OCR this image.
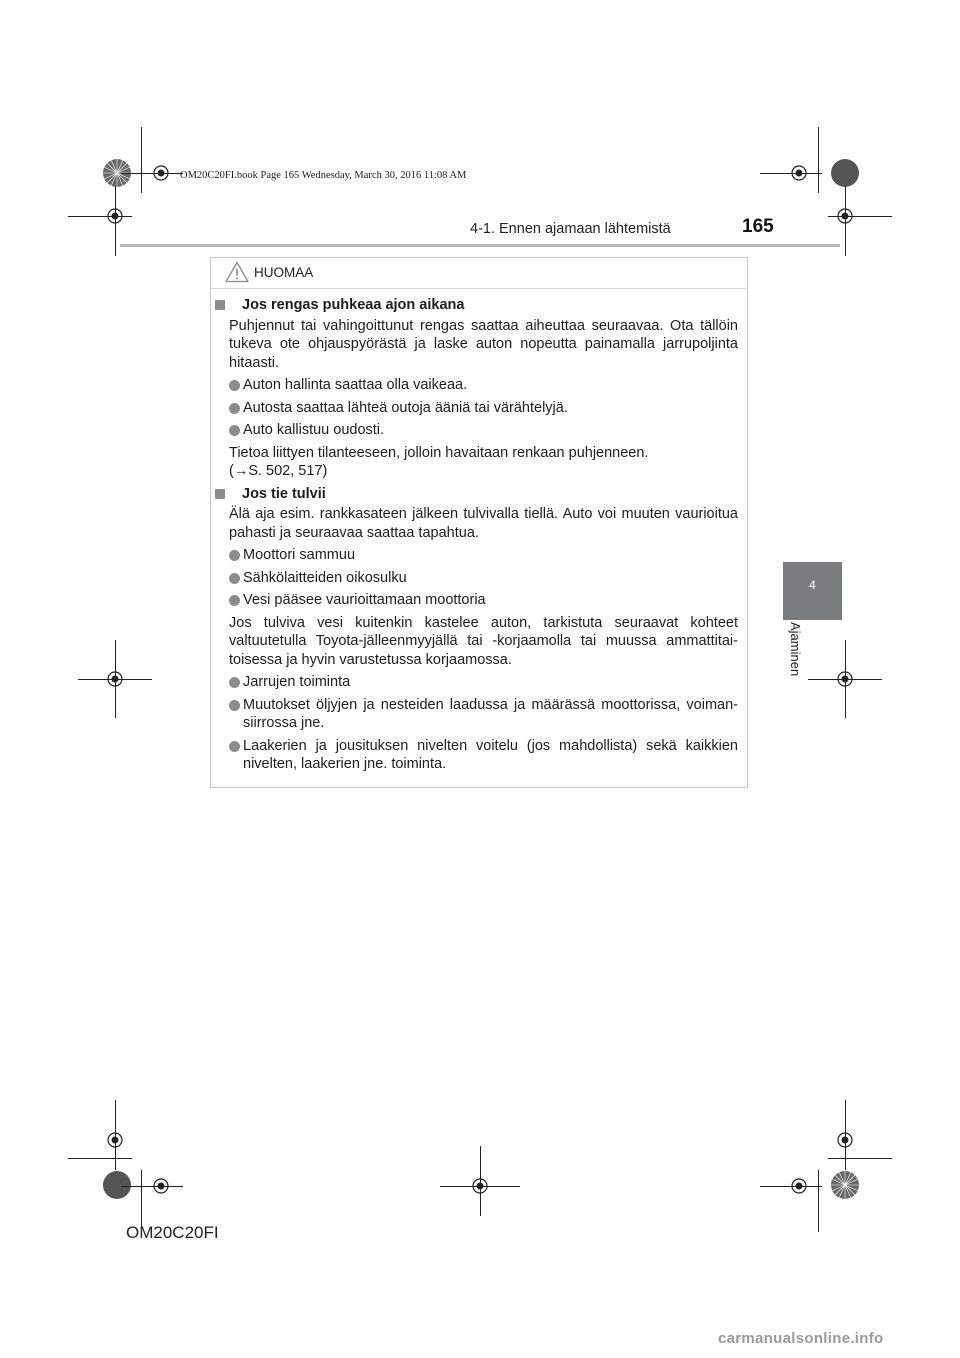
OM20C20FI.book Page 165 Wednesday, March 30, 2016 11:08 AM
4-1. Ennen ajamaan lähtemistä	165
4
Ajaminen
HUOMAA
Jos rengas puhkeaa ajon aikana
Puhjennut tai vahingoittunut rengas saattaa aiheuttaa seuraavaa. Ota tällöin tukeva ote ohjauspyörästä ja laske auton nopeutta painamalla jarrupoljinta hitaasti.
Auton hallinta saattaa olla vaikeaa.
Autosta saattaa lähteä outoja ääniä tai värähtelyjä.
Auto kallistuu oudosti.
Tietoa liittyen tilanteeseen, jolloin havaitaan renkaan puhjenneen.
(→S. 502, 517)
Jos tie tulvii
Älä aja esim. rankkasateen jälkeen tulvivalla tiellä. Auto voi muuten vaurioitua pahasti ja seuraavaa saattaa tapahtua.
Moottori sammuu
Sähkölaitteiden oikosulku
Vesi pääsee vaurioittamaan moottoria
Jos tulviva vesi kuitenkin kastelee auton, tarkistuta seuraavat kohteet valtuutetulla Toyota-jälleenmyyjällä tai -korjaamolla tai muussa ammattitaitoisessa ja hyvin varustetussa korjaamossa.
Jarrujen toiminta
Muutokset öljyjen ja nesteiden laadussa ja määrässä moottorissa, voimansiirrossa jne.
Laakerien ja jousituksen nivelten voitelu (jos mahdollista) sekä kaikkien nivelten, laakerien jne. toiminta.
OM20C20FI
carmanualsonline.info
